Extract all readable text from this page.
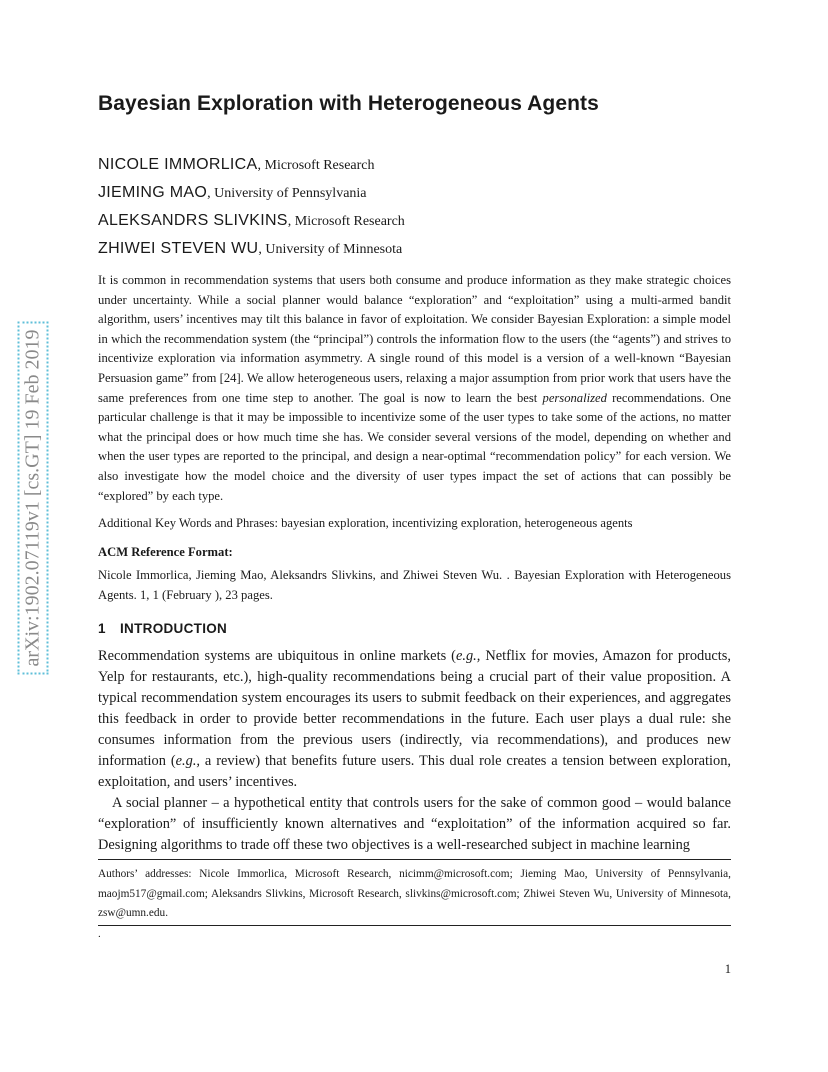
arXiv:1902.07119v1 [cs.GT] 19 Feb 2019
Bayesian Exploration with Heterogeneous Agents
NICOLE IMMORLICA, Microsoft Research
JIEMING MAO, University of Pennsylvania
ALEKSANDRS SLIVKINS, Microsoft Research
ZHIWEI STEVEN WU, University of Minnesota

It is common in recommendation systems that users both consume and produce information as they make strategic choices under uncertainty. While a social planner would balance “exploration” and “exploitation” using a multi-armed bandit algorithm, users’ incentives may tilt this balance in favor of exploitation. We consider Bayesian Exploration: a simple model in which the recommendation system (the “principal”) controls the information flow to the users (the “agents”) and strives to incentivize exploration via information asymmetry. A single round of this model is a version of a well-known “Bayesian Persuasion game” from [24]. We allow heterogeneous users, relaxing a major assumption from prior work that users have the same preferences from one time step to another. The goal is now to learn the best personalized recommendations. One particular challenge is that it may be impossible to incentivize some of the user types to take some of the actions, no matter what the principal does or how much time she has. We consider several versions of the model, depending on whether and when the user types are reported to the principal, and design a near-optimal “recommendation policy” for each version. We also investigate how the model choice and the diversity of user types impact the set of actions that can possibly be “explored” by each type.

Additional Key Words and Phrases: bayesian exploration, incentivizing exploration, heterogeneous agents

ACM Reference Format:

Nicole Immorlica, Jieming Mao, Aleksandrs Slivkins, and Zhiwei Steven Wu. . Bayesian Exploration with Heterogeneous Agents. 1, 1 (February ), 23 pages.

1 INTRODUCTION

Recommendation systems are ubiquitous in online markets (e.g., Netflix for movies, Amazon for products, Yelp for restaurants, etc.), high-quality recommendations being a crucial part of their value proposition. A typical recommendation system encourages its users to submit feedback on their experiences, and aggregates this feedback in order to provide better recommendations in the future. Each user plays a dual rule: she consumes information from the previous users (indirectly, via recommendations), and produces new information (e.g., a review) that benefits future users. This dual role creates a tension between exploration, exploitation, and users’ incentives.

A social planner – a hypothetical entity that controls users for the sake of common good – would balance “exploration” of insufficiently known alternatives and “exploitation” of the information acquired so far. Designing algorithms to trade off these two objectives is a well-researched subject in machine learning

Authors’ addresses: Nicole Immorlica, Microsoft Research, nicimm@microsoft.com; Jieming Mao, University of Pennsylvania, maojm517@gmail.com; Aleksandrs Slivkins, Microsoft Research, slivkins@microsoft.com; Zhiwei Steven Wu, University of Minnesota, zsw@umn.edu.

.
1
